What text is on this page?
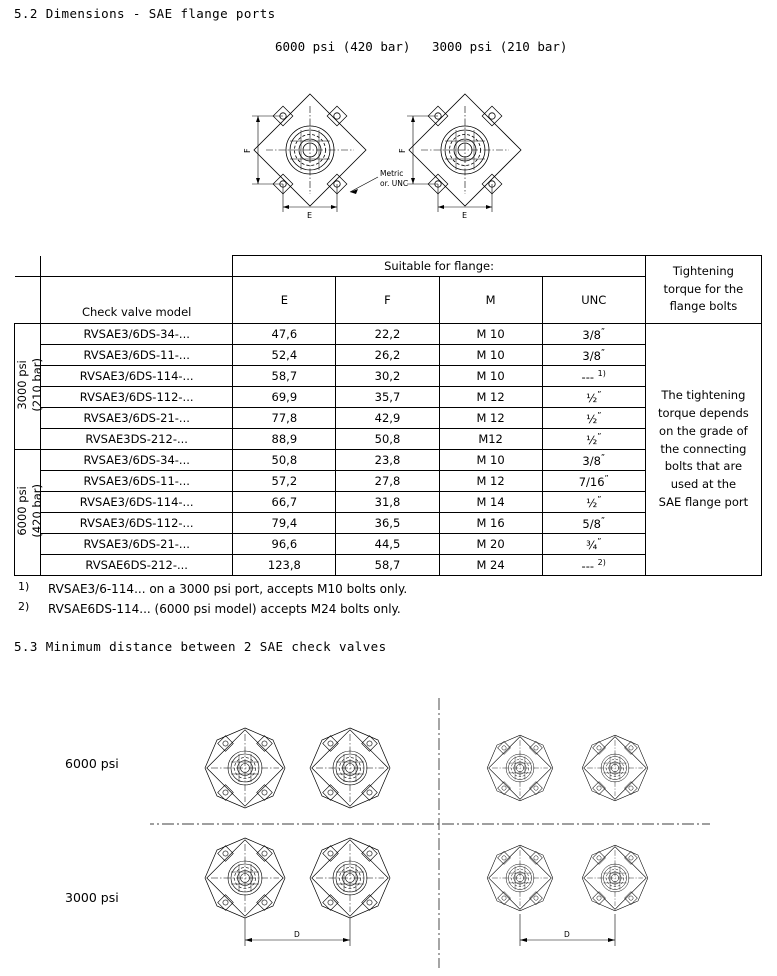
5.2 Dimensions - SAE flange ports
6000 psi (420 bar) 3000 psi (210 bar)
F
E
F
E
Metric
or. UNC
		Suitable for flange:				Tightening
torque for the
flange bolts
	Check valve model	E	F	M	UNC	
3000 psi
(210 bar)	RVSAE3/6DS-34-...	47,6	22,2	M 10	3/8”	The tightening
torque depends
on the grade of
the connecting
bolts that are
used at the
SAE flange port
	RVSAE3/6DS-11-...	52,4	26,2	M 10	3/8”
	RVSAE3/6DS-114-...	58,7	30,2	M 10	--- $^{1)}$
	RVSAE3/6DS-112-...	69,9	35,7	M 12	½”
	RVSAE3/6DS-21-...	77,8	42,9	M 12	½”
	RVSAE3DS-212-...	88,9	50,8	M12	½”
6000 psi
(420 bar)	RVSAE3/6DS-34-...	50,8	23,8	M 10	3/8”
	RVSAE3/6DS-11-...	57,2	27,8	M 12	7/16”
	RVSAE3/6DS-114-...	66,7	31,8	M 14	½”
	RVSAE3/6DS-112-...	79,4	36,5	M 16	5/8”
	RVSAE3/6DS-21-...	96,6	44,5	M 20	¾”
	RVSAE6DS-212-...	123,8	58,7	M 24	--- $^{2)}$
1) RVSAE3/6-114... on a 3000 psi port, accepts M10 bolts only.
2) RVSAE6DS-114... (6000 psi model) accepts M24 bolts only.
5.3 Minimum distance between 2 SAE check valves
6000 psi
3000 psi
D	D
